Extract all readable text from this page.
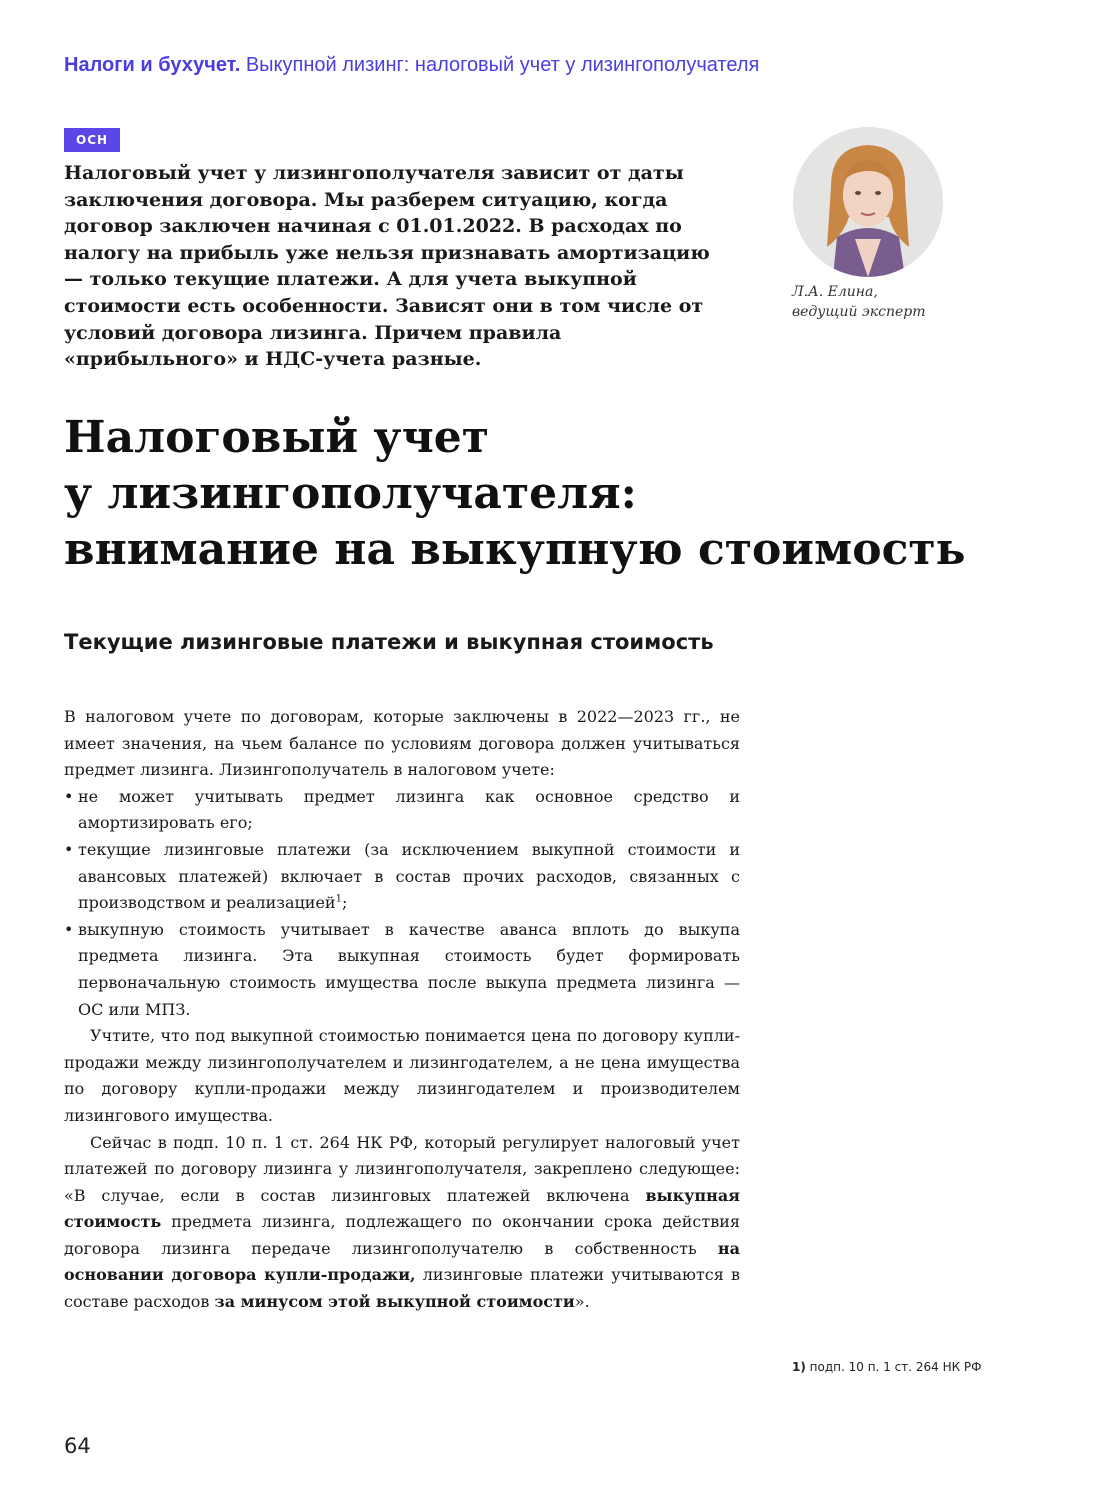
Налоги и бухучет. Выкупной лизинг: налоговый учет у лизингополучателя
ОСН

Налоговый учет у лизингополучателя зависит от даты заключения договора. Мы разберем ситуацию, когда договор заключен начиная с 01.01.2022. В расходах по налогу на прибыль уже нельзя признавать амортизацию — только текущие платежи. А для учета выкупной стоимости есть особенности. Зависят они в том числе от условий договора лизинга. Причем правила «прибыльного» и НДС-учета разные.

Л.А. Елина,
ведущий эксперт
Налоговый учет
у лизингополучателя:
внимание на выкупную стоимость
Текущие лизинговые платежи и выкупная стоимость

В налоговом учете по договорам, которые заключены в 2022—2023 гг., не имеет значения, на чьем балансе по условиям договора должен учитываться предмет лизинга. Лизингополучатель в налоговом учете:

• не может учитывать предмет лизинга как основное средство и амортизировать его;
• текущие лизинговые платежи (за исключением выкупной стоимости и авансовых платежей) включает в состав прочих расходов, связанных с производством и реализацией$^1$;
• выкупную стоимость учитывает в качестве аванса вплоть до выкупа предмета лизинга. Эта выкупная стоимость будет формировать первоначальную стоимость имущества после выкупа предмета лизинга — ОС или МПЗ.

Учтите, что под выкупной стоимостью понимается цена по договору купли-продажи между лизингополучателем и лизингодателем, а не цена имущества по договору купли-продажи между лизингодателем и производителем лизингового имущества.

Сейчас в подп. 10 п. 1 ст. 264 НК РФ, который регулирует налоговый учет платежей по договору лизинга у лизингополучателя, закреплено следующее: «В случае, если в состав лизинговых платежей включена выкупная стоимость предмета лизинга, подлежащего по окончании срока действия договора лизинга передаче лизингополучателю в собственность на основании договора купли-продажи, лизинговые платежи учитываются в составе расходов за минусом этой выкупной стоимости».

1) подп. 10 п. 1 ст. 264 НК РФ
64
